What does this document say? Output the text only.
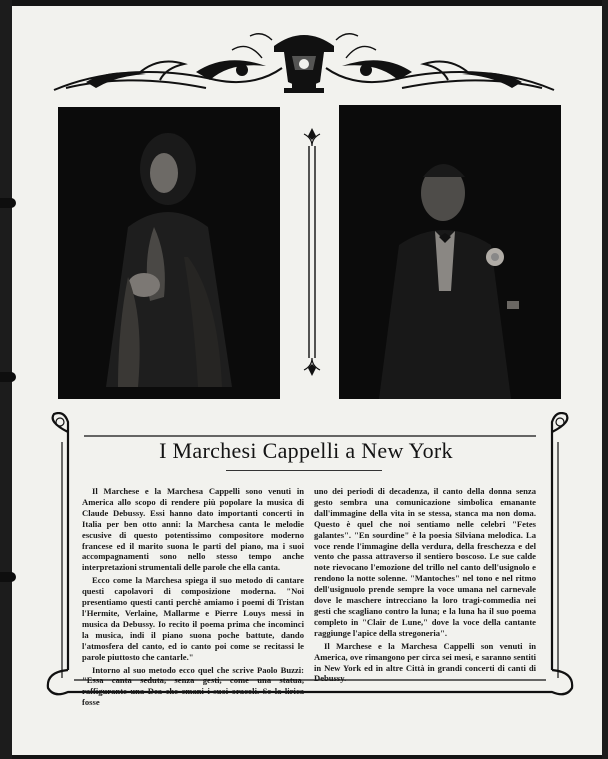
I Marchesi Cappelli a New York

Il Marchese e la Marchesa Cappelli sono venuti in America allo scopo di rendere più popolare la musica di Claude Debussy. Essi hanno dato importanti concerti in Italia per ben otto anni: la Marchesa canta le melodie escusive di questo potentissimo compositore moderno francese ed il marito suona le parti del piano, ma i suoi accompagnamenti sono nello stesso tempo anche interpretazioni strumentali delle parole che ella canta.

Ecco come la Marchesa spiega il suo metodo di cantare questi capolavori di composizione moderna. "Noi presentiamo questi canti perchè amiamo i poemi di Tristan l'Hermite, Verlaine, Mallarme e Pierre Louys messi in musica da Debussy. Io recito il poema prima che incominci la musica, indi il piano suona poche battute, dando l'atmosfera del canto, ed io canto poi come se recitassi le parole piuttosto che cantarle."

Intorno al suo metodo ecco quel che scrive Paolo Buzzi: "Essa canta seduta, senza gesti, come una statua, raffigurante una Dea che emani i suoi oracoli. Se la lirica fosse

uno dei periodi di decadenza, il canto della donna senza gesto sembra una comunicazione simbolica emanante dall'immagine della vita in se stessa, stanca ma non doma. Questo è quel che noi sentiamo nelle celebri "Fetes galantes". "En sourdine" è la poesia Silviana melodica. La voce rende l'immagine della verdura, della freschezza e del vento che passa attraverso il sentiero boscoso. Le sue calde note rievocano l'emozione del trillo nel canto dell'usignolo e rendono la notte solenne. "Mantoches" nel tono e nel ritmo dell'usignuolo prende sempre la voce umana nel carnevale dove le maschere intrecciano la loro tragi-commedia nei gesti che scagliano contro la luna; e la luna ha il suo poema completo in "Clair de Lune," dove la voce della cantante raggiunge l'apice della stregoneria".

Il Marchese e la Marchesa Cappelli son venuti in America, ove rimangono per circa sei mesi, e saranno sentiti in New York ed in altre Città in grandi concerti di canti di Debussy.
